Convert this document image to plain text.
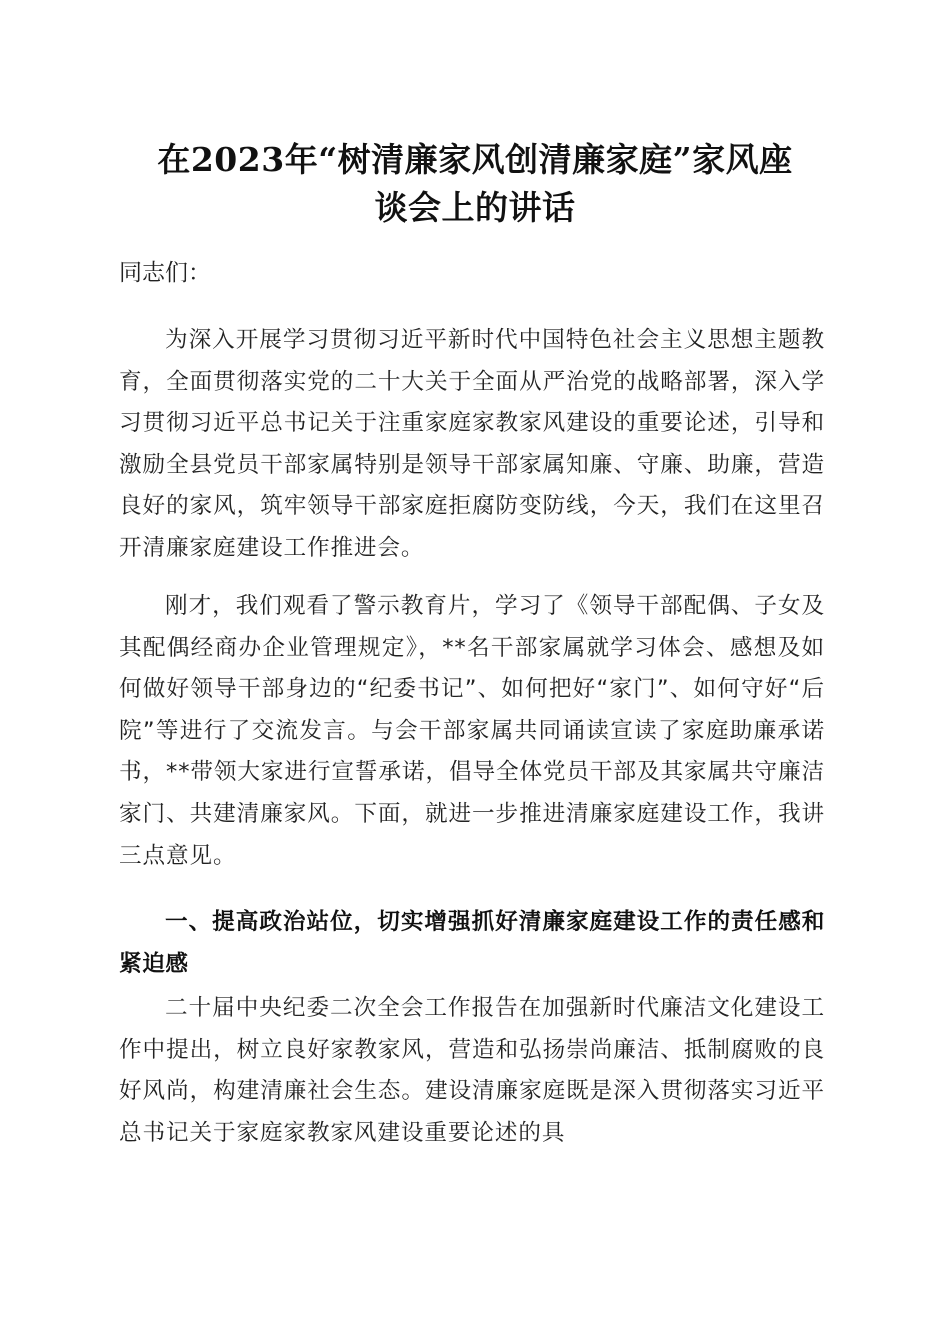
在2023年“树清廉家风创清廉家庭”家风座
谈会上的讲话
同志们：
为深入开展学习贯彻习近平新时代中国特色社会主义思想主题教育，全面贯彻落实党的二十大关于全面从严治党的战略部署，深入学习贯彻习近平总书记关于注重家庭家教家风建设的重要论述，引导和激励全县党员干部家属特别是领导干部家属知廉、守廉、助廉，营造良好的家风，筑牢领导干部家庭拒腐防变防线，今天，我们在这里召开清廉家庭建设工作推进会。
刚才，我们观看了警示教育片，学习了《领导干部配偶、子女及其配偶经商办企业管理规定》，**名干部家属就学习体会、感想及如何做好领导干部身边的“纪委书记”、如何把好“家门”、如何守好“后院”等进行了交流发言。与会干部家属共同诵读宣读了家庭助廉承诺书，**带领大家进行宣誓承诺，倡导全体党员干部及其家属共守廉洁家门、共建清廉家风。下面，就进一步推进清廉家庭建设工作，我讲三点意见。
一、提高政治站位，切实增强抓好清廉家庭建设工作的责任感和紧迫感
二十届中央纪委二次全会工作报告在加强新时代廉洁文化建设工作中提出，树立良好家教家风，营造和弘扬崇尚廉洁、抵制腐败的良好风尚，构建清廉社会生态。建设清廉家庭既是深入贯彻落实习近平总书记关于家庭家教家风建设重要论述的具
